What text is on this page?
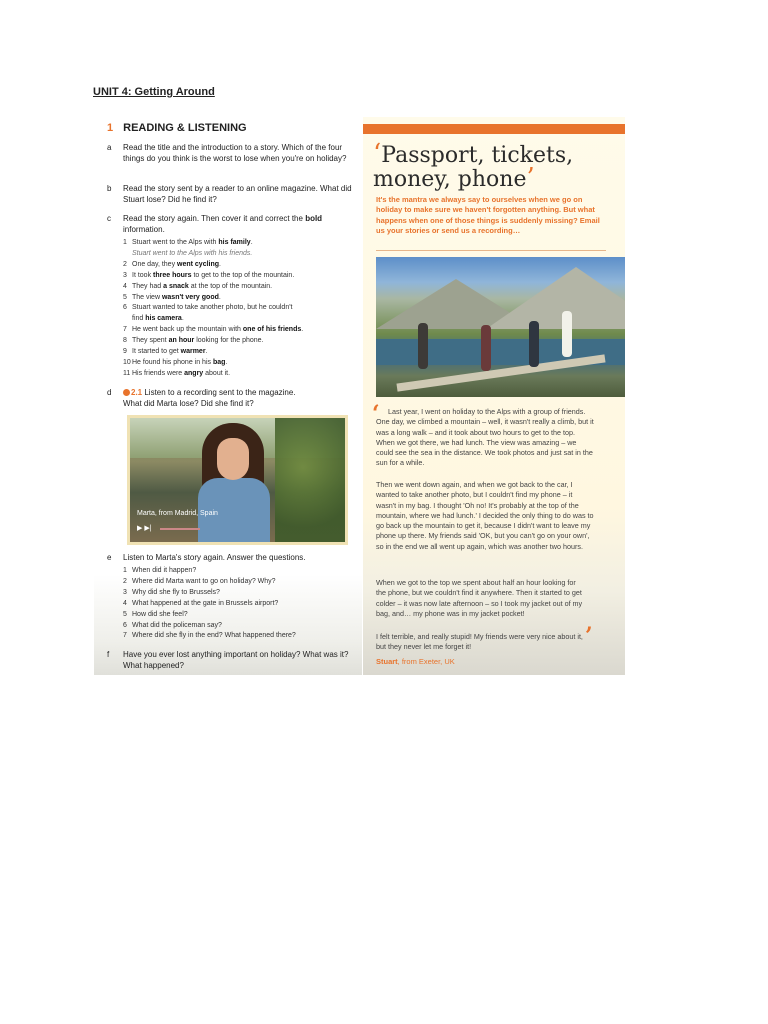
UNIT 4: Getting Around
1 READING & LISTENING
a Read the title and the introduction to a story. Which of the four things do you think is the worst to lose when you're on holiday?
b Read the story sent by a reader to an online magazine. What did Stuart lose? Did he find it?
c Read the story again. Then cover it and correct the bold information.
1 Stuart went to the Alps with his family.
Stuart went to the Alps with his friends.
2 One day, they went cycling.
3 It took three hours to get to the top of the mountain.
4 They had a snack at the top of the mountain.
5 The view wasn't very good.
6 Stuart wanted to take another photo, but he couldn't
find his camera.
7 He went back up the mountain with one of his friends.
8 They spent an hour looking for the phone.
9 It started to get warmer.
10 He found his phone in his bag.
11 His friends were angry about it.
d	2.1 Listen to a recording sent to the magazine.
What did Marta lose? Did she find it?
Marta, from Madrid, Spain
▶ ▶|
e Listen to Marta's story again. Answer the questions.
1 When did it happen?
2 Where did Marta want to go on holiday? Why?
3 Why did she fly to Brussels?
4 What happened at the gate in Brussels airport?
5 How did she feel?
6 What did the policeman say?
7 Where did she fly in the end? What happened there?
f Have you ever lost anything important on holiday? What was it? What happened?
‘Passport, tickets, money, phone’
It's the mantra we always say to ourselves when we go on holiday to make sure we haven't forgotten anything. But what happens when one of those things is suddenly missing? Email us your stories or send us a recording…
‘	Last year, I went on holiday to the Alps with a group of friends. One day, we climbed a mountain – well, it wasn't really a climb, but it was a long walk – and it took about two hours to get to the top. When we got there, we had lunch. The view was amazing – we could see the sea in the distance. We took photos and just sat in the sun for a while.

Then we went down again, and when we got back to the car, I wanted to take another photo, but I couldn't find my phone – it wasn't in my bag. I thought 'Oh no! It's probably at the top of the mountain, where we had lunch.' I decided the only thing to do was to go back up the mountain to get it, because I didn't want to leave my phone up there. My friends said 'OK, but you can't go on your own', so in the end we all went up again, which was another two hours.

When we got to the top we spent about half an hour looking for the phone, but we couldn't find it anywhere. Then it started to get colder – it was now late afternoon – so I took my jacket out of my bag, and… my phone was in my jacket pocket!

I felt terrible, and really stupid! My friends were very nice about it, but they never let me forget it!	’
Stuart, from Exeter, UK
